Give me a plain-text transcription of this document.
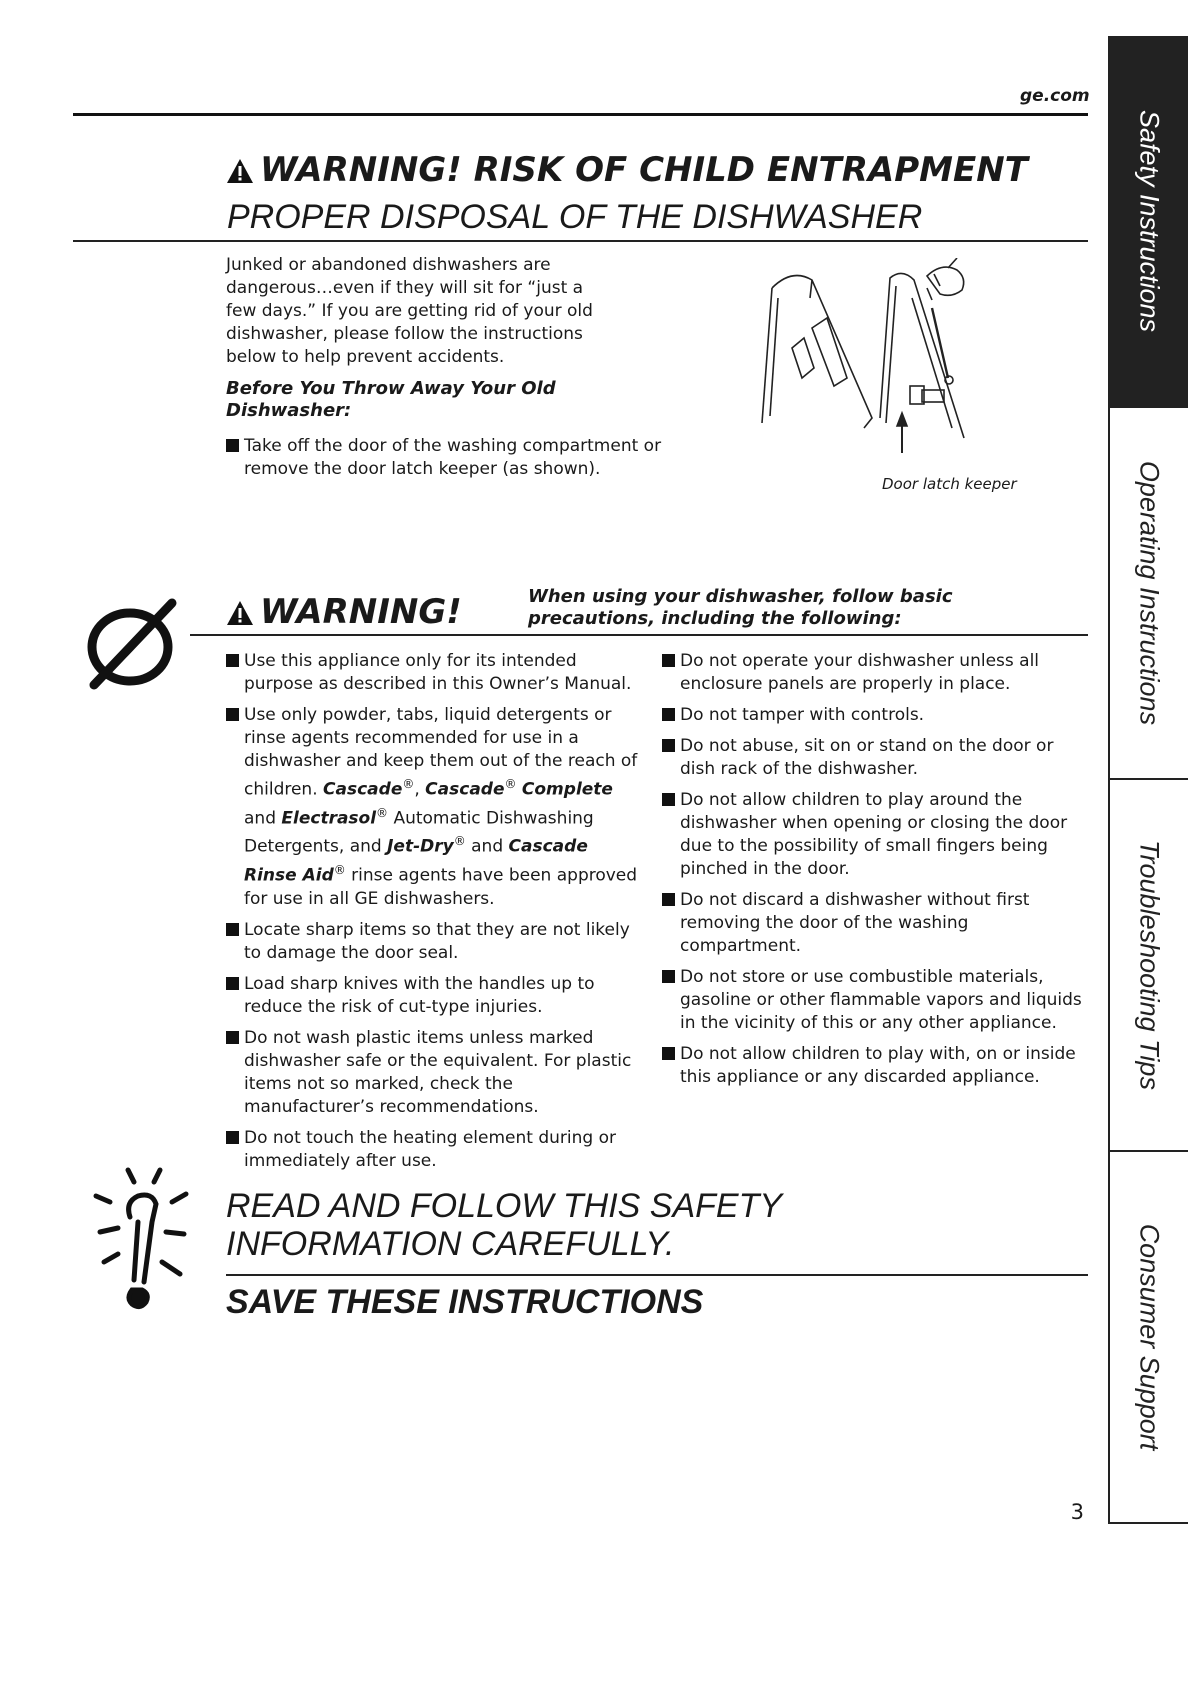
ge.com
WARNING! RISK OF CHILD ENTRAPMENT
PROPER DISPOSAL OF THE DISHWASHER
Junked or abandoned dishwashers are dangerous…even if they will sit for “just a few days.” If you are getting rid of your old dishwasher, please follow the instructions below to help prevent accidents.
Before You Throw Away Your Old Dishwasher:
Take off the door of the washing compartment or remove the door latch keeper (as shown).
Door latch keeper
WARNING!	When using your dishwasher, follow basic precautions, including the following:
Use this appliance only for its intended purpose as described in this Owner’s Manual.
Use only powder, tabs, liquid detergents or rinse agents recommended for use in a dishwasher and keep them out of the reach of children. Cascade®, Cascade® Complete and Electrasol® Automatic Dishwashing Detergents, and Jet-Dry® and Cascade Rinse Aid® rinse agents have been approved for use in all GE dishwashers.
Locate sharp items so that they are not likely to damage the door seal.
Load sharp knives with the handles up to reduce the risk of cut-type injuries.
Do not wash plastic items unless marked dishwasher safe or the equivalent. For plastic items not so marked, check the manufacturer’s recommendations.
Do not touch the heating element during or immediately after use.
Do not operate your dishwasher unless all enclosure panels are properly in place.
Do not tamper with controls.
Do not abuse, sit on or stand on the door or dish rack of the dishwasher.
Do not allow children to play around the dishwasher when opening or closing the door due to the possibility of small fingers being pinched in the door.
Do not discard a dishwasher without first removing the door of the washing compartment.
Do not store or use combustible materials, gasoline or other flammable vapors and liquids in the vicinity of this or any other appliance.
Do not allow children to play with, on or inside this appliance or any discarded appliance.
READ AND FOLLOW THIS SAFETY INFORMATION CAREFULLY.
SAVE THESE INSTRUCTIONS
3
Safety Instructions
Operating Instructions
Troubleshooting Tips
Consumer Support
